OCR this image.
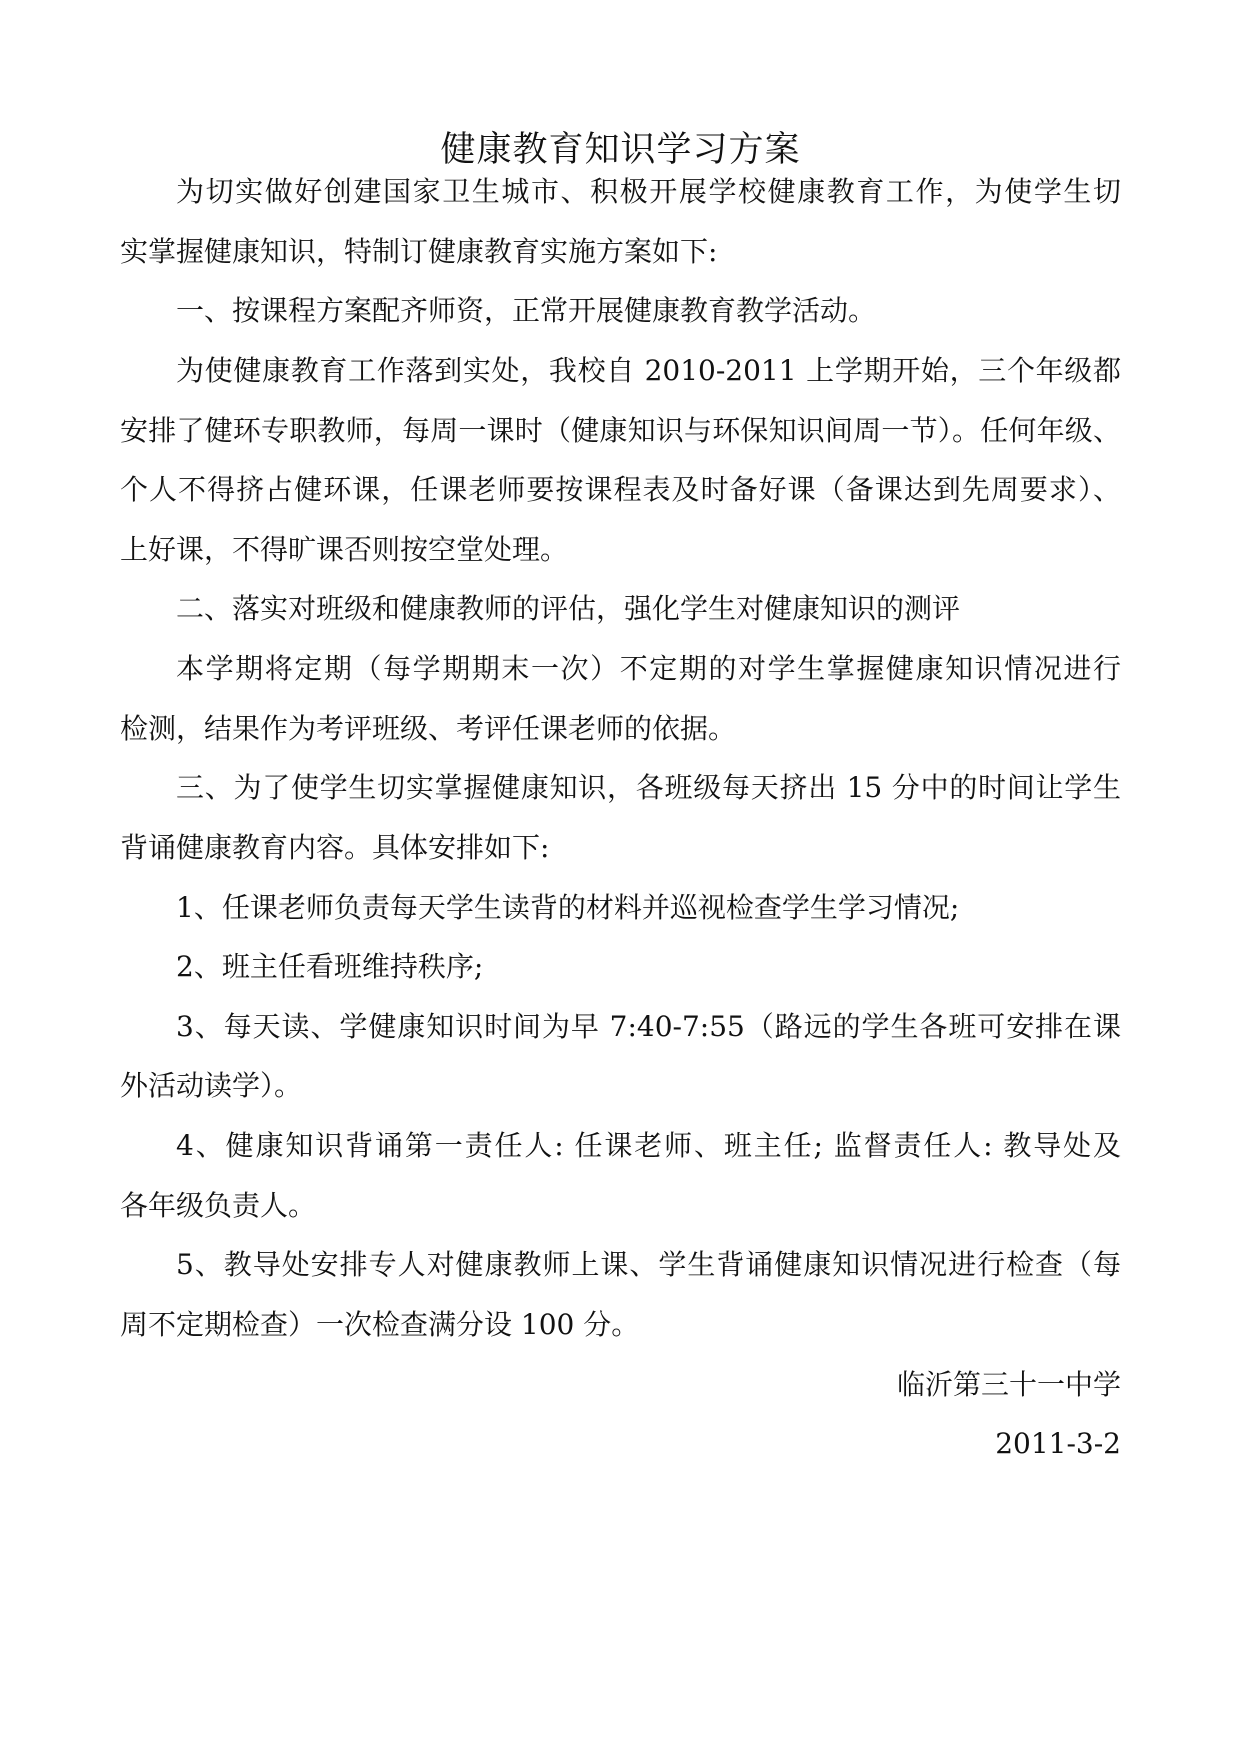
健康教育知识学习方案
为切实做好创建国家卫生城市、积极开展学校健康教育工作，为使学生切
实掌握健康知识，特制订健康教育实施方案如下:
一、按课程方案配齐师资，正常开展健康教育教学活动。
为使健康教育工作落到实处，我校自 2010-2011 上学期开始，三个年级都
安排了健环专职教师，每周一课时（健康知识与环保知识间周一节）。任何年级、
个人不得挤占健环课，任课老师要按课程表及时备好课（备课达到先周要求）、
上好课，不得旷课否则按空堂处理。
二、落实对班级和健康教师的评估，强化学生对健康知识的测评
本学期将定期（每学期期末一次）不定期的对学生掌握健康知识情况进行
检测，结果作为考评班级、考评任课老师的依据。
三、为了使学生切实掌握健康知识，各班级每天挤出 15 分中的时间让学生
背诵健康教育内容。具体安排如下:
1、任课老师负责每天学生读背的材料并巡视检查学生学习情况;
2、班主任看班维持秩序;
3、每天读、学健康知识时间为早 7:40-7:55（路远的学生各班可安排在课
外活动读学）。
4、健康知识背诵第一责任人: 任课老师、班主任; 监督责任人: 教导处及
各年级负责人。
5、教导处安排专人对健康教师上课、学生背诵健康知识情况进行检查（每
周不定期检查）一次检查满分设 100 分。
临沂第三十一中学
2011-3-2
